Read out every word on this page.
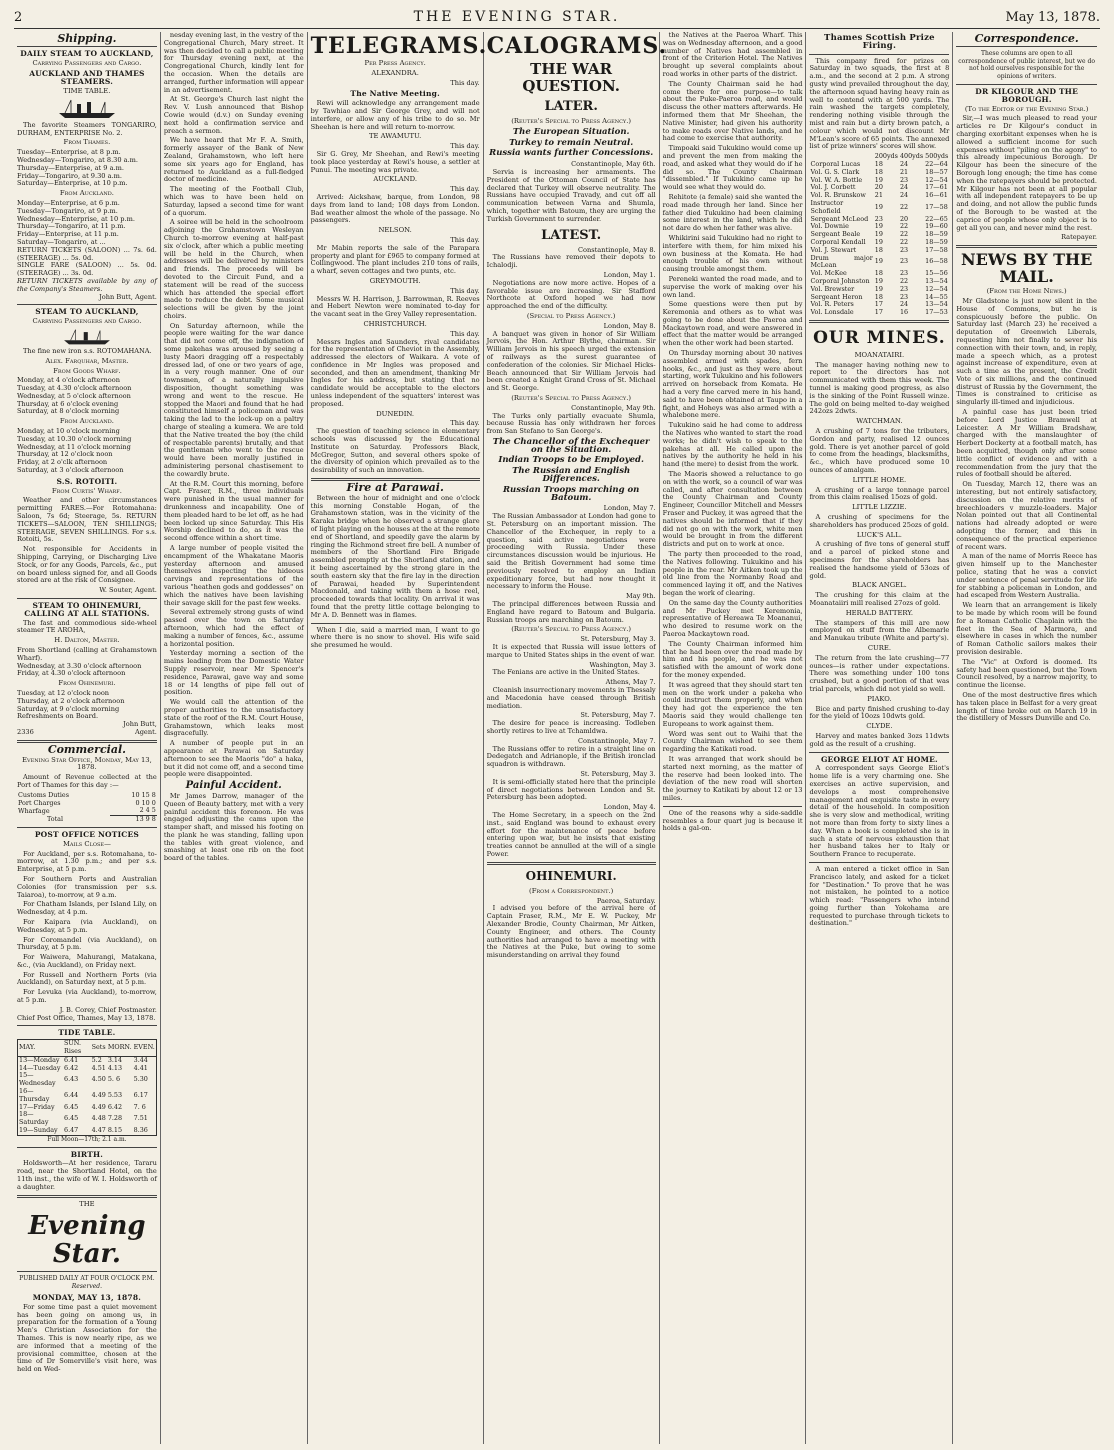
2	THE EVENING STAR.	May 13, 1878.
Shipping.
DAILY STEAM TO AUCKLAND,
Carrying Passengers and Cargo.
AUCKLAND AND THAMES STEAMERS.
TIME TABLE.

The favorite Steamers TONGARIRO, DURHAM, ENTERPRISE No. 2.

From Thames.
Tuesday—Enterprise, at 8 p.m.
Wednesday—Tongariro, at 8.30 a.m.
Thursday—Enterprise, at 9 a.m.
Friday—Tongariro, at 9.30 a.m.
Saturday—Enterprise, at 10 p.m.
From Auckland.
Monday—Enterprise, at 6 p.m.
Tuesday—Tongariro, at 9 p.m.
Wednesday—Enterprise, at 10 p.m.
Thursday—Tongariro, at 11 p.m.
Friday—Enterprise, at 11 p.m.
Saturday—Tongariro, at ...
RETURN TICKETS (SALOON) ... 7s. 6d. (STEERAGE) ... 5s. 0d.
SINGLE FARE (SALOON) ... 5s. 0d. (STEERAGE) ... 3s. 0d.
RETURN TICKETS available by any of the Company's Steamers.
John Butt, Agent.
STEAM TO AUCKLAND,
Carrying Passengers and Cargo.

The fine new iron s.s. ROTOMAHANA.

Alex. Farquhar, Master.
From Goods Wharf.
Monday, at 4 o'clock afternoon
Tuesday, at 4.30 o'clock afternoon
Wednesday, at 5 o'clock afternoon
Thursday, at 6 o'clock evening
Saturday, at 8 o'clock morning
From Auckland.
Monday, at 10 o'clock morning
Tuesday, at 10.30 o'clock morning
Wednesday, at 11 o'clock morning
Thursday, at 12 o'clock noon
Friday, at 2 o'clk afternoon
Saturday, at 3 o'clock afternoon
S.S. ROTOITI.
From Curtis' Wharf.

Weather and other circumstances permitting FARES.—For Rotomahana: Saloon, 7s 6d; Steerage, 5s. RETURN TICKETS—SALOON, TEN SHILLINGS; STEERAGE, SEVEN SHILLINGS. For s.s. Rotoiti, 5s.

Not responsible for Accidents in Shipping, Carrying, or Discharging Live Stock, or for any Goods, Parcels, &c., put on board unless signed for, and all Goods stored are at the risk of Consignee.

W. Souter, Agent.
STEAM TO OHINEMURI, CALLING AT ALL STATIONS.

The fast and commodious side-wheel steamer TE AROHA,

H. Dalton, Master.
From Shortland (calling at Grahamstown Wharf).
Wednesday, at 3.30 o'clock afternoon
Friday, at 4.30 o'clock afternoon
From Ohinemuri.
Tuesday, at 12 o'clock noon
Thursday, at 2 o'clock afternoon
Saturday, at 9 o'clock morning
Refreshments on Board.
John Butt,
2336	Agent.
Commercial.
Evening Star Office, Monday, May 13, 1878.

Amount of Revenue collected at the Port of Thames for this day :—

Customs Duties	10 15 8
Port Charges	0 10 0
Wharfage	2 4 5
Total	13 9 8
POST OFFICE NOTICES
Mails Close—

For Auckland, per s.s. Rotomahana, to-morrow, at 1.30 p.m.; and per s.s. Enterprise, at 5 p.m.

For Southern Ports and Australian Colonies (for transmission per s.s. Taiaroa), to-morrow, at 9 a.m.

For Chatham Islands, per Island Lily, on Wednesday, at 4 p.m.

For Kaipara (via Auckland), on Wednesday, at 5 p.m.

For Coromandel (via Auckland), on Thursday, at 5 p.m.

For Waiwera, Mahurangi, Matakana, &c., (via Auckland), on Friday next.

For Russell and Northern Ports (via Auckland), on Saturday next, at 5 p.m.

For Levuka (via Auckland), to-morrow, at 5 p.m.

J. B. Corey, Chief Postmaster.
Chief Post Office, Thames, May 13, 1878.
TIDE TABLE.
MAY.	SUN. Rises	Sets	MORN.	EVEN.
13—Monday	6.41	5.2	3.14	3.44
14—Tuesday	6.42	4.51	4.13	4.41
15—Wednesday	6.43	4.50	5. 6	5.30
16—Thursday	6.44	4.49	5.53	6.17
17—Friday	6.45	4.49	6.42	7. 6
18—Saturday	6.45	4.48	7.28	7.51
19—Sunday	6.47	4.47	8.15	8.36
Full Moon—17th; 2.1 a.m.
BIRTH.

Holdsworth—At her residence, Tararu road, near the Shortland Hotel, on the 11th inst., the wife of W. I. Holdsworth of a daughter.

THE
Evening Star.
PUBLISHED DAILY AT FOUR O'CLOCK P.M.
Reserved.
MONDAY, MAY 13, 1878.

For some time past a quiet movement has been going on among us, in preparation for the formation of a Young Men's Christian Association for the Thames. This is now nearly ripe, as we are informed that a meeting of the provisional committee, chosen at the time of Dr Somerville's visit here, was held on Wed-

nesday evening last, in the vestry of the Congregational Church, Mary street. It was then decided to call a public meeting for Thursday evening next, at the Congregational Church, kindly lent for the occasion. When the details are arranged, further information will appear in an advertisement.

At St. George's Church last night the Rev. V. Lush announced that Bishop Cowie would (d.v.) on Sunday evening next hold a confirmation service and preach a sermon.

We have heard that Mr F. A. Smith, formerly assayer of the Bank of New Zealand, Grahamstown, who left here some six years ago for England, has returned to Auckland as a full-fledged doctor of medicine.

The meeting of the Football Club, which was to have been held on Saturday, lapsed a second time for want of a quorum.

A soiree will be held in the schoolroom adjoining the Grahamstown Wesleyan Church to-morrow evening at half-past six o'clock, after which a public meeting will be held in the Church, when addresses will be delivered by ministers and friends. The proceeds will be devoted to the Circuit Fund, and a statement will be read of the success which has attended the special effort made to reduce the debt. Some musical selections will be given by the joint choirs.

On Saturday afternoon, while the people were waiting for the war dance that did not come off, the indignation of some pakehas was aroused by seeing a lusty Maori dragging off a respectably dressed lad, of one or two years of age, in a very rough manner. One of our townsmen, of a naturally impulsive disposition, thought something was wrong and went to the rescue. He stopped the Maori and found that he had constituted himself a policeman and was taking the lad to the lock-up on a paltry charge of stealing a kumera. We are told that the Native treated the boy (the child of respectable parents) brutally, and that the gentleman who went to the rescue would have been morally justified in administering personal chastisement to the cowardly brute.

At the R.M. Court this morning, before Capt. Fraser, R.M., three individuals were punished in the usual manner for drunkenness and incapability. One of them pleaded hard to be let off, as he had been locked up since Saturday. This His Worship declined to do, as it was the second offence within a short time.

A large number of people visited the encampment of the Whakatane Maoris yesterday afternoon and amused themselves inspecting the hideous carvings and representations of the various "heathen gods and goddesses" on which the natives have been lavishing their savage skill for the past few weeks.

Several extremely strong gusts of wind passed over the town on Saturday afternoon, which had the effect of making a number of fences, &c., assume a horizontal position.

Yesterday morning a section of the mains leading from the Domestic Water Supply reservoir, near Mr Spencer's residence, Parawai, gave way and some 18 or 14 lengths of pipe fell out of position.

We would call the attention of the proper authorities to the unsatisfactory state of the roof of the R.M. Court House, Grahamstown, which leaks most disgracefully.

A number of people put in an appearance at Parawai on Saturday afternoon to see the Maoris "do" a haka, but it did not come off, and a second time people were disappointed.

Painful Accident.

Mr James Darrow, manager of the Queen of Beauty battery, met with a very painful accident this forenoon. He was engaged adjusting the cams upon the stamper shaft, and missed his footing on the plank he was standing, falling upon the tables with great violence, and smashing at least one rib on the foot board of the tables.

TELEGRAMS.
Per Press Agency.
ALEXANDRA.
This day.
The Native Meeting.

Rewi will acknowledge any arrangement made by Tawhiao and Sir George Grey, and will not interfere, or allow any of his tribe to do so. Mr Sheehan is here and will return to-morrow.

TE AWAMUTU.
This day.

Sir G. Grey, Mr Sheehan, and Rewi's meeting took place yesterday at Rewi's house, a settler at Punui. The meeting was private.

AUCKLAND.
This day.

Arrived: Aickshaw, barque, from London, 98 days from land to land; 108 days from London. Bad weather almost the whole of the passage. No passengers.

NELSON.
This day.

Mr Mabin reports the sale of the Parapara property and plant for £965 to company formed at Collingwood. The plant includes 210 tons of rails, a wharf, seven cottages and two punts, etc.

GREYMOUTH.
This day.

Messrs W. H. Harrison, J. Barrowman, R. Reeves and Hebert Newton were nominated to-day for the vacant seat in the Grey Valley representation.

CHRISTCHURCH.
This day.

Messrs Ingles and Saunders, rival candidates for the representation of Cheviot in the Assembly, addressed the electors of Waikara. A vote of confidence in Mr Ingles was proposed and seconded, and then an amendment, thanking Mr Ingles for his address, but stating that no candidate would be acceptable to the electors unless independent of the squatters' interest was proposed.

DUNEDIN.
This day.

The question of teaching science in elementary schools was discussed by the Educational Institute on Saturday. Professors Black, McGregor, Sutton, and several others spoke of the diversity of opinion which prevailed as to the desirability of such an innovation.

Fire at Parawai.

Between the hour of midnight and one o'clock this morning Constable Hogan, of the Grahamstown station, was in the vicinity of the Karaka bridge when he observed a strange glare of light playing on the houses at the at the remote end of Shortland, and speedily gave the alarm by ringing the Richmond street fire bell. A number of members of the Shortland Fire Brigade assembled promptly at the Shortland station, and it being ascertained by the strong glare in the south eastern sky that the fire lay in the direction of Parawai, headed by Superintendent Macdonald, and taking with them a hose reel, proceeded towards that locality. On arrival it was found that the pretty little cottage belonging to Mr A. D. Bennett was in flames.

When I die, said a married man, I want to go where there is no snow to shovel. His wife said she presumed he would.

CALOGRAMS.
THE WAR QUESTION.
LATER.
(Reuter's Special to Press Agency.)
The European Situation.
Turkey to remain Neutral.
Russia wants further Concessions.
Constantinople, May 6th.

Servia is increasing her armaments. The President of the Ottoman Council of State has declared that Turkey will observe neutrality. The Russians have occupied Travady, and cut off all communication between Varna and Shumla, which, together with Batoum, they are urging the Turkish Government to surrender.

LATEST.
Constantinople, May 8.

The Russians have removed their depots to Ichalodji.

London, May 1.

Negotiations are now more active. Hopes of a favorable issue are increasing. Sir Stafford Northcote at Oxford hoped we had now approached the end of the difficulty.

(Special to Press Agency.)
London, May 8.

A banquet was given in honor of Sir William Jervois, the Hon. Arthur Blythe, chairman. Sir William Jervois in his speech urged the extension of railways as the surest guarantee of confederation of the colonies. Sir Michael Hicks-Beach announced that Sir William Jervois had been created a Knight Grand Cross of St. Michael and St. George.

(Reuter's Special to Press Agency.)
Constantinople, May 9th.

The Turks only partially evacuate Shumla, because Russia has only withdrawn her forces from San Stefano to San George's.

The Chancellor of the Exchequer on the Situation.
Indian Troops to be Employed.
The Russian and English Differences.
Russian Troops marching on Batoum.
London, May 7.

The Russian Ambassador at London had gone to St. Petersburg on an important mission. The Chancellor of the Exchequer, in reply to a question, said active negotiations were proceeding with Russia. Under these circumstances discussion would be injurious. He said the British Government had some time previously resolved to employ an Indian expeditionary force, but had now thought it necessary to inform the House.

May 9th.

The principal differences between Russia and England have regard to Batoum and Bulgaria. Russian troops are marching on Batoum.

(Reuter's Special to Press Agency.)
St. Petersburg, May 3.

It is expected that Russia will issue letters of marque to United States ships in the event of war.

Washington, May 3.

The Fenians are active in the United States.

Athens, May 7.

Cleanish insurrectionary movements in Thessaly and Macedonia have ceased through British mediation.

St. Petersburg, May 7.

The desire for peace is increasing. Todleben shortly retires to live at Tchamldwa.

Constantinople, May 7.

The Russians offer to retire in a straight line on Dedegatch and Adrianople, if the British ironclad squadron is withdrawn.

St. Petersburg, May 3.

It is semi-officially stated here that the principle of direct negotiations between London and St. Petersburg has been adopted.

London, May 4.

The Home Secretary, in a speech on the 2nd inst., said England was bound to exhaust every effort for the maintenance of peace before entering upon war, but he insists that existing treaties cannot be annulled at the will of a single Power.

OHINEMURI.
(From a Correspondent.)
Paeroa, Saturday.

I advised you before of the arrival here of Captain Fraser, R.M., Mr E. W. Puckey, Mr Alexander Brodie, County Chairman, Mr Aitken, County Engineer, and others. The County authorities had arranged to have a meeting with the Natives at the Puke, but owing to some misunderstanding on arrival they found

the Natives at the Paeroa Wharf. This was on Wednesday afternoon, and a good number of Natives had assembled in front of the Criterion Hotel. The Natives brought up several complaints about road works in other parts of the district.

The County Chairman said he had come there for one purpose—to talk about the Puke-Paeroa road, and would discuss the other matters afterwards. He informed them that Mr Sheehan, the Native Minister, had given his authority to make roads over Native lands, and he had come to exercise that authority.

Timpoaki said Tukukino would come up and prevent the men from making the road, and asked what they would do if he did so. The County Chairman "dissembled." If Tukukino came up he would see what they would do.

Rehitote (a female) said she wanted the road made through her land. Since her father died Tukukino had been claiming some interest in the land, which he did not dare do when her father was alive.

Whikirini said Tukukino had no right to interfere with them, for him mixed his own business at the Komata. He had enough trouble of his own without causing trouble amongst them.

Pereneki wanted the road made, and to supervise the work of making over his own land.

Some questions were then put by Keremonia and others as to what was going to be done about the Paeroa and Mackaytown road, and were answered in effect that the matter would be arranged when the other work had been started.

On Thursday morning about 30 natives assembled armed with spades, fern hooks, &c., and just as they were about starting, work Tukukino and his followers arrived on horseback from Komata. He had a very fine carved mere in his hand, said to have been obtained at Taupo in a fight, and Hoheys was also armed with a whalebone mere.

Tukukino said he had come to address the Natives who wanted to start the road works; he didn't wish to speak to the pakehas at all. He called upon the natives by the authority he held in his hand (the mere) to desist from the work.

The Maoris showed a reluctance to go on with the work, so a council of war was called, and after consultation between the County Chairman and County Engineer, Councillor Mitchell and Messrs Fraser and Puckey, it was agreed that the natives should be informed that if they did not go on with the work, white men would be brought in from the different districts and put on to work at once.

The party then proceeded to the road, the Natives following. Tukukino and his people in the rear. Mr Aitken took up the old line from the Normanby Road and commenced laying it off, and the Natives began the work of clearing.

On the same day the County authorities and Mr Puckey met Keremonia, representative of Hereawa Te Moananui, who desired to resume work on the Paeroa Mackaytown road.

The County Chairman informed him that he had been over the road made by him and his people, and he was not satisfied with the amount of work done for the money expended.

It was agreed that they should start ten men on the work under a pakeha who could instruct them properly, and when they had got the experience the ten Maoris said they would challenge ten Europeans to work against them.

Word was sent out to Waihi that the County Chairman wished to see them regarding the Katikati road.

It was arranged that work should be started next morning, as the matter of the reserve had been looked into. The deviation of the new road will shorten the journey to Katikati by about 12 or 13 miles.

One of the reasons why a side-saddle resembles a four quart jug is because it holds a gal-on.

Thames Scottish Prize Firing.

This company fired for prizes on Saturday in two squads, the first at 8 a.m., and the second at 2 p.m. A strong gusty wind prevailed throughout the day, the afternoon squad having heavy rain as well to contend with at 500 yards. The rain washed the targets completely, rendering nothing visible through the mist and rain but a dirty brown patch, a colour which would not discount Mr M'Lean's score of 65 points. The annexed list of prize winners' scores will show.

	200yds	400yds	500yds
Corporal Lucas	18	24	22—64
Vol. G. S. Clark	18	21	18—57
Vol. W. A. Bottle	19	23	12—54
Vol. J. Corbett	20	24	17—61
Vol. R. Brunskow	21	24	16—61
Instructor Schofield	19	22	17—58
Sergeant McLeod	23	20	22—65
Vol. Downie	19	22	19—60
Sergeant Beale	19	22	18—59
Corporal Kendall	19	22	18—59
Vol. J. Stewart	18	23	17—58
Drum major McLean	19	23	16—58
Vol. McKee	18	23	15—56
Corporal Johnston	19	22	13—54
Vol. Brewster	19	23	12—54
Sergeant Heron	18	23	14—55
Vol. R. Peters	17	24	13—54
Vol. Lonsdale	17	16	17—53
OUR MINES.
MOANATAIRI.

The manager having nothing new to report to the directors has not communicated with them this week. The tunnel is making good progress, as also is the sinking of the Point Russell winze. The gold on being melted to-day weighed 242ozs 2dwts.

WATCHMAN.

A crushing of 7 tons for the tributers, Gordon and party, realised 12 ounces gold. There is yet another parcel of gold to come from the headings, blacksmiths, &c., which have produced some 10 ounces of amalgam.

LITTLE HOME.

A crushing of a large tonnage parcel from this claim realised 15ozs of gold.

LITTLE LIZZIE.

A crushing of specimens for the shareholders has produced 25ozs of gold.

LUCK'S ALL.

A crushing of five tons of general stuff and a parcel of picked stone and specimens for the shareholders has realised the handsome yield of 53ozs of gold.

BLACK ANGEL.

The crushing for this claim at the Moanataiiri mill realised 27ozs of gold.

HERALD BATTERY.

The stampers of this mill are now employed on stuff from the Albemarle and Manukau tribute (White and party's).

CURE.

The return from the late crushing—77 ounces—is rather under expectations. There was something under 100 tons crushed, but a good portion of that was trial parcels, which did not yield so well.

PIAKO.

Bice and party finished crushing to-day for the yield of 10ozs 10dwts gold.

CLYDE.

Harvey and mates banked 3ozs 11dwts gold as the result of a crushing.

GEORGE ELIOT AT HOME.

A correspondent says George Eliot's home life is a very charming one. She exercises an active supervision, and develops a most comprehensive management and exquisite taste in every detail of the household. In composition she is very slow and methodical, writing not more than from forty to sixty lines a day. When a book is completed she is in such a state of nervous exhaustion that her husband takes her to Italy or Southern France to recuperate.

A man entered a ticket office in San Francisco lately, and asked for a ticket for "Destination." To prove that he was not mistaken, he pointed to a notice which read: "Passengers who intend going further than Yokohama are requested to purchase through tickets to destination."

Correspondence.
These columns are open to all correspondence of public interest, but we do not hold ourselves responsible for the opinions of writers.
DR KILGOUR AND THE BOROUGH.
(To the Editor of the Evening Star.)

Sir,—I was much pleased to read your articles re Dr Kilgour's conduct in charging exorbitant expenses when he is allowed a sufficient income for such expenses without "piling on the agony" to this already impecunious Borough. Dr Kilgour has been the sinecure of the Borough long enough; the time has come when the ratepayers should be protected. Mr Kilgour has not been at all popular with all independent ratepayers to be up and doing, and not allow the public funds of the Borough to be wasted at the caprice of people whose only object is to get all you can, and never mind the rest.

Ratepayer.
NEWS BY THE MAIL.
(From the Home News.)

Mr Gladstone is just now silent in the House of Commons, but he is conspicuously before the public. On Saturday last (March 23) he received a deputation of Greenwich Liberals, requesting him not finally to sever his connection with their town, and, in reply, made a speech which, as a protest against increase of expenditure, even at such a time as the present, the Credit Vote of six millions, and the continued distrust of Russia by the Government, the Times is constrained to criticise as singularly ill-timed and injudicious.

A painful case has just been tried before Lord Justice Bramwell at Leicester. A Mr William Bradshaw, charged with the manslaughter of Herbert Dockerty at a football match, has been acquitted, though only after some little conflict of evidence and with a recommendation from the jury that the rules of football should be altered.

On Tuesday, March 12, there was an interesting, but not entirely satisfactory, discussion on the relative merits of breechloaders v muzzle-loaders. Major Nolan pointed out that all Continental nations had already adopted or were adopting the former, and this in consequence of the practical experience of recent wars.

A man of the name of Morris Reece has given himself up to the Manchester police, stating that he was a convict under sentence of penal servitude for life for stabbing a policeman in London, and had escaped from Western Australia.

We learn that an arrangement is likely to be made by which room will be found for a Roman Catholic Chaplain with the fleet in the Sea of Marmora, and elsewhere in cases in which the number of Roman Catholic sailors makes their provision desirable.

The "Vic" at Oxford is doomed. Its safety had been questioned, but the Town Council resolved, by a narrow majority, to continue the license.

One of the most destructive fires which has taken place in Belfast for a very great length of time broke out on March 19 in the distillery of Messrs Dunville and Co.
